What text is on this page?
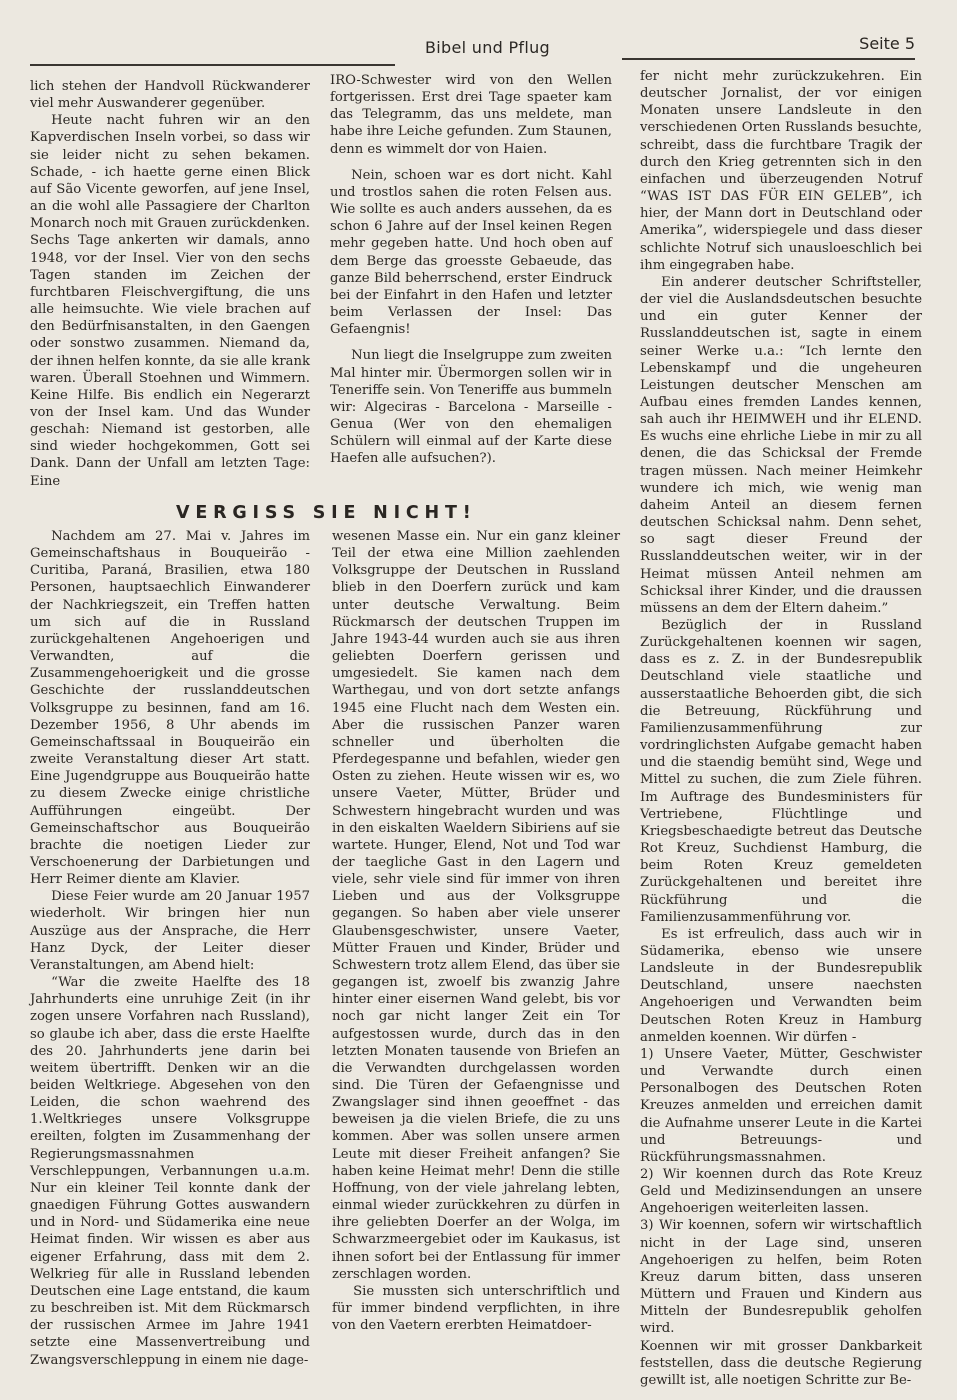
Bibel und Pflug	Seite 5

lich stehen der Handvoll Rückwanderer viel mehr Auswanderer gegenüber.

Heute nacht fuhren wir an den Kapverdischen Inseln vorbei, so dass wir sie leider nicht zu sehen bekamen. Schade, - ich haette gerne einen Blick auf São Vicente geworfen, auf jene Insel, an die wohl alle Passagiere der Charlton Monarch noch mit Grauen zurückdenken. Sechs Tage ankerten wir damals, anno 1948, vor der Insel. Vier von den sechs Tagen standen im Zeichen der furchtbaren Fleischvergiftung, die uns alle heimsuchte. Wie viele brachen auf den Bedürfnisanstalten, in den Gaengen oder sonstwo zusammen. Niemand da, der ihnen helfen konnte, da sie alle krank waren. Überall Stoehnen und Wimmern. Keine Hilfe. Bis endlich ein Negerarzt von der Insel kam. Und das Wunder geschah: Niemand ist gestorben, alle sind wieder hochgekommen, Gott sei Dank. Dann der Unfall am letzten Tage: Eine

IRO-Schwester wird von den Wellen fortgerissen. Erst drei Tage spaeter kam das Telegramm, das uns meldete, man habe ihre Leiche gefunden. Zum Staunen, denn es wimmelt dor von Haien.

Nein, schoen war es dort nicht. Kahl und trostlos sahen die roten Felsen aus. Wie sollte es auch anders aussehen, da es schon 6 Jahre auf der Insel keinen Regen mehr gegeben hatte. Und hoch oben auf dem Berge das groesste Gebaeude, das ganze Bild beherrschend, erster Eindruck bei der Einfahrt in den Hafen und letzter beim Verlassen der Insel: Das Gefaengnis!

Nun liegt die Inselgruppe zum zweiten Mal hinter mir. Übermorgen sollen wir in Teneriffe sein. Von Teneriffe aus bummeln wir: Algeciras - Barcelona - Marseille - Genua (Wer von den ehemaligen Schülern will einmal auf der Karte diese Haefen alle aufsuchen?).

VERGISS SIE NICHT!

Nachdem am 27. Mai v. Jahres im Gemeinschaftshaus in Bouqueirão - Curitiba, Paraná, Brasilien, etwa 180 Personen, hauptsaechlich Einwanderer der Nachkriegszeit, ein Treffen hatten um sich auf die in Russland zurückgehaltenen Angehoerigen und Verwandten, auf die Zusammengehoerigkeit und die grosse Geschichte der russlanddeutschen Volksgruppe zu besinnen, fand am 16. Dezember 1956, 8 Uhr abends im Gemeinschaftssaal in Bouqueirão ein zweite Veranstaltung dieser Art statt. Eine Jugendgruppe aus Bouqueirão hatte zu diesem Zwecke einige christliche Aufführungen eingeübt. Der Gemeinschaftschor aus Bouqueirão brachte die noetigen Lieder zur Verschoenerung der Darbietungen und Herr Reimer diente am Klavier.

Diese Feier wurde am 20 Januar 1957 wiederholt. Wir bringen hier nun Auszüge aus der Ansprache, die Herr Hanz Dyck, der Leiter dieser Veranstaltungen, am Abend hielt:

“War die zweite Haelfte des 18 Jahrhunderts eine unruhige Zeit (in ihr zogen unsere Vorfahren nach Russland), so glaube ich aber, dass die erste Haelfte des 20. Jahrhunderts jene darin bei weitem übertrifft. Denken wir an die beiden Weltkriege. Abgesehen von den Leiden, die schon waehrend des 1.Weltkrieges unsere Volksgruppe ereilten, folgten im Zusammenhang der Regierungsmassnahmen Verschleppungen, Verbannungen u.a.m. Nur ein kleiner Teil konnte dank der gnaedigen Führung Gottes auswandern und in Nord- und Südamerika eine neue Heimat finden. Wir wissen es aber aus eigener Erfahrung, dass mit dem 2. Welkrieg für alle in Russland lebenden Deutschen eine Lage entstand, die kaum zu beschreiben ist. Mit dem Rückmarsch der russischen Armee im Jahre 1941 setzte eine Massenvertreibung und Zwangsverschleppung in einem nie dage-

wesenen Masse ein. Nur ein ganz kleiner Teil der etwa eine Million zaehlenden Volksgruppe der Deutschen in Russland blieb in den Doerfern zurück und kam unter deutsche Verwaltung. Beim Rückmarsch der deutschen Truppen im Jahre 1943-44 wurden auch sie aus ihren geliebten Doerfern gerissen und umgesiedelt. Sie kamen nach dem Warthegau, und von dort setzte anfangs 1945 eine Flucht nach dem Westen ein. Aber die russischen Panzer waren schneller und überholten die Pferdegespanne und befahlen, wieder gen Osten zu ziehen. Heute wissen wir es, wo unsere Vaeter, Mütter, Brüder und Schwestern hingebracht wurden und was in den eiskalten Waeldern Sibiriens auf sie wartete. Hunger, Elend, Not und Tod war der taegliche Gast in den Lagern und viele, sehr viele sind für immer von ihren Lieben und aus der Volksgruppe gegangen. So haben aber viele unserer Glaubensgeschwister, unsere Vaeter, Mütter Frauen und Kinder, Brüder und Schwestern trotz allem Elend, das über sie gegangen ist, zwoelf bis zwanzig Jahre hinter einer eisernen Wand gelebt, bis vor noch gar nicht langer Zeit ein Tor aufgestossen wurde, durch das in den letzten Monaten tausende von Briefen an die Verwandten durchgelassen worden sind. Die Türen der Gefaengnisse und Zwangslager sind ihnen geoeffnet - das beweisen ja die vielen Briefe, die zu uns kommen. Aber was sollen unsere armen Leute mit dieser Freiheit anfangen? Sie haben keine Heimat mehr! Denn die stille Hoffnung, von der viele jahrelang lebten, einmal wieder zurückkehren zu dürfen in ihre geliebten Doerfer an der Wolga, im Schwarzmeergebiet oder im Kaukasus, ist ihnen sofort bei der Entlassung für immer zerschlagen worden.

Sie mussten sich unterschriftlich und für immer bindend verpflichten, in ihre von den Vaetern ererbten Heimatdoer-

fer nicht mehr zurückzukehren. Ein deutscher Jornalist, der vor einigen Monaten unsere Landsleute in den verschiedenen Orten Russlands besuchte, schreibt, dass die furchtbare Tragik der durch den Krieg getrennten sich in den einfachen und überzeugenden Notruf “WAS IST DAS FÜR EIN GELEB”, ich hier, der Mann dort in Deutschland oder Amerika”, widerspiegele und dass dieser schlichte Notruf sich unausloeschlich bei ihm eingegraben habe.

Ein anderer deutscher Schriftsteller, der viel die Auslandsdeutschen besuchte und ein guter Kenner der Russlanddeutschen ist, sagte in einem seiner Werke u.a.: “Ich lernte den Lebenskampf und die ungeheuren Leistungen deutscher Menschen am Aufbau eines fremden Landes kennen, sah auch ihr HEIMWEH und ihr ELEND. Es wuchs eine ehrliche Liebe in mir zu all denen, die das Schicksal der Fremde tragen müssen. Nach meiner Heimkehr wundere ich mich, wie wenig man daheim Anteil an diesem fernen deutschen Schicksal nahm. Denn sehet, so sagt dieser Freund der Russlanddeutschen weiter, wir in der Heimat müssen Anteil nehmen am Schicksal ihrer Kinder, und die draussen müssens an dem der Eltern daheim.”

Bezüglich der in Russland Zurückgehaltenen koennen wir sagen, dass es z. Z. in der Bundesrepublik Deutschland viele staatliche und ausserstaatliche Behoerden gibt, die sich die Betreuung, Rückführung und Familienzusammenführung zur vordringlichsten Aufgabe gemacht haben und die staendig bemüht sind, Wege und Mittel zu suchen, die zum Ziele führen. Im Auftrage des Bundesministers für Vertriebene, Flüchtlinge und Kriegsbeschaedigte betreut das Deutsche Rot Kreuz, Suchdienst Hamburg, die beim Roten Kreuz gemeldeten Zurückgehaltenen und bereitet ihre Rückführung und die Familienzusammenführung vor.

Es ist erfreulich, dass auch wir in Südamerika, ebenso wie unsere Landsleute in der Bundesrepublik Deutschland, unsere naechsten Angehoerigen und Verwandten beim Deutschen Roten Kreuz in Hamburg anmelden koennen. Wir dürfen -

1) Unsere Vaeter, Mütter, Geschwister und Verwandte durch einen Personalbogen des Deutschen Roten Kreuzes anmelden und erreichen damit die Aufnahme unserer Leute in die Kartei und Betreuungs- und Rückführungsmassnahmen.

2) Wir koennen durch das Rote Kreuz Geld und Medizinsendungen an unsere Angehoerigen weiterleiten lassen.

3) Wir koennen, sofern wir wirtschaftlich nicht in der Lage sind, unseren Angehoerigen zu helfen, beim Roten Kreuz darum bitten, dass unseren Müttern und Frauen und Kindern aus Mitteln der Bundesrepublik geholfen wird.

Koennen wir mit grosser Dankbarkeit feststellen, dass die deutsche Regierung gewillt ist, alle noetigen Schritte zur Be-
